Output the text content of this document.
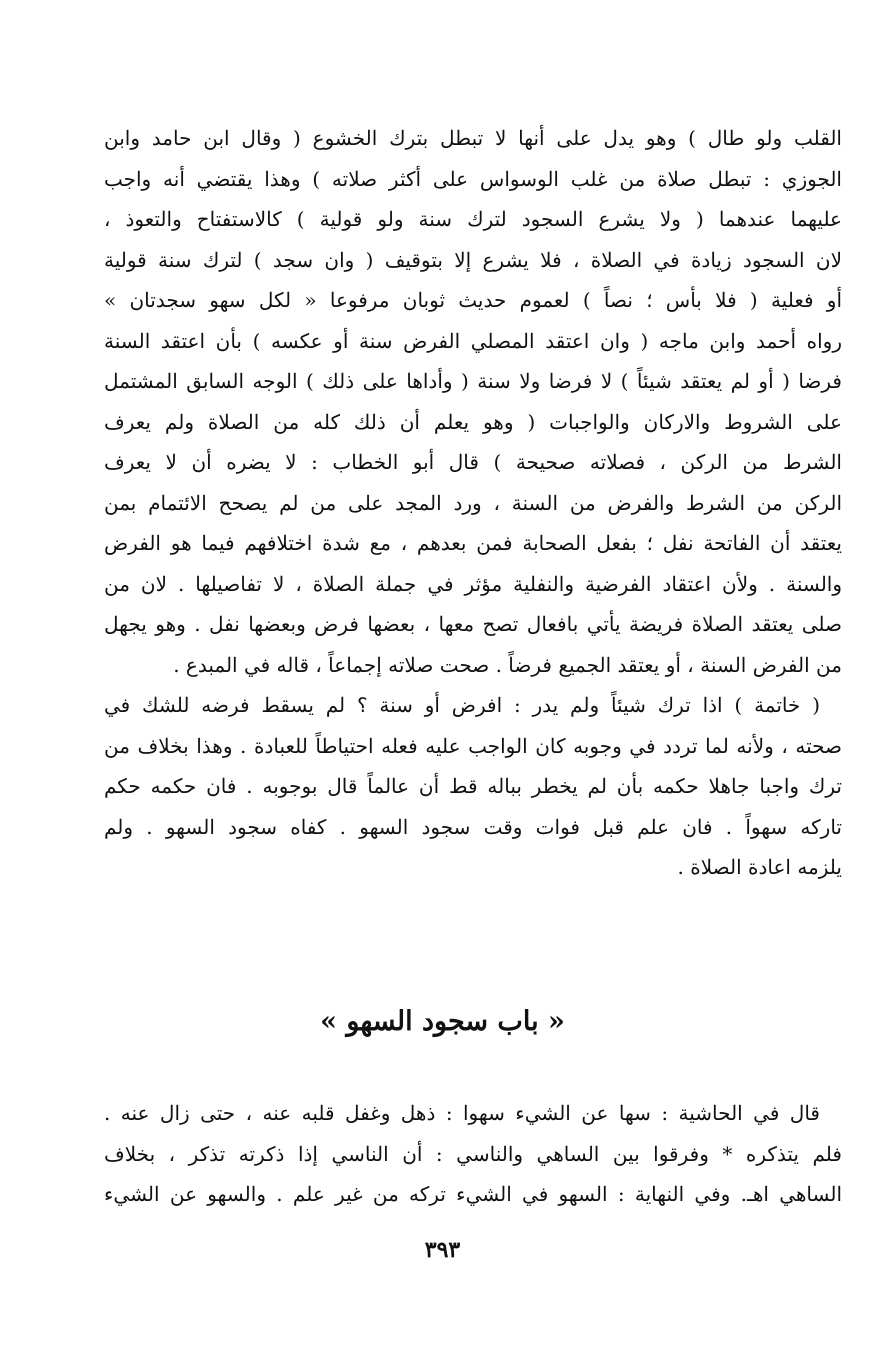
القلب ولو طال ) وهو يدل على أنها لا تبطل بترك الخشوع ( وقال ابن حامد وابن
الجوزي : تبطل صلاة من غلب الوسواس على أكثر صلاته ) وهذا يقتضي أنه واجب
عليهما عندهما ( ولا يشرع السجود لترك سنة ولو قولية ) كالاستفتاح والتعوذ ،
لان السجود زيادة في الصلاة ، فلا يشرع إلا بتوقيف ( وان سجد ) لترك سنة قولية
أو فعلية ( فلا بأس ؛ نصاً ) لعموم حديث ثوبان مرفوعا « لكل سهو سجدتان »
رواه أحمد وابن ماجه ( وان اعتقد المصلي الفرض سنة أو عكسه ) بأن اعتقد السنة
فرضا ( أو لم يعتقد شيئاً ) لا فرضا ولا سنة ( وأداها على ذلك ) الوجه السابق المشتمل
على الشروط والاركان والواجبات ( وهو يعلم أن ذلك كله من الصلاة ولم يعرف
الشرط من الركن ، فصلاته صحيحة ) قال أبو الخطاب : لا يضره أن لا يعرف
الركن من الشرط والفرض من السنة ، ورد المجد على من لم يصحح الائتمام بمن
يعتقد أن الفاتحة نفل ؛ بفعل الصحابة فمن بعدهم ، مع شدة اختلافهم فيما هو الفرض
والسنة . ولأن اعتقاد الفرضية والنفلية مؤثر في جملة الصلاة ، لا تفاصيلها . لان من
صلى يعتقد الصلاة فريضة يأتي بافعال تصح معها ، بعضها فرض وبعضها نفل . وهو يجهل
من الفرض السنة ، أو يعتقد الجميع فرضاً . صحت صلاته إجماعاً ، قاله في المبدع .
( خاتمة ) اذا ترك شيئاً ولم يدر : افرض أو سنة ؟ لم يسقط فرضه للشك في
صحته ، ولأنه لما تردد في وجوبه كان الواجب عليه فعله احتياطاً للعبادة . وهذا بخلاف من
ترك واجبا جاهلا حكمه بأن لم يخطر بباله قط أن عالماً قال بوجوبه . فان حكمه حكم
تاركه سهواً . فان علم قبل فوات وقت سجود السهو . كفاه سجود السهو . ولم
يلزمه اعادة الصلاة .
« باب سجود السهو »
قال في الحاشية : سها عن الشيء سهوا : ذهل وغفل قلبه عنه ، حتى زال عنه .
فلم يتذكره * وفرقوا بين الساهي والناسي : أن الناسي إذا ذكرته تذكر ، بخلاف
الساهي اهـ. وفي النهاية : السهو في الشيء تركه من غير علم . والسهو عن الشيء
٣٩٣
